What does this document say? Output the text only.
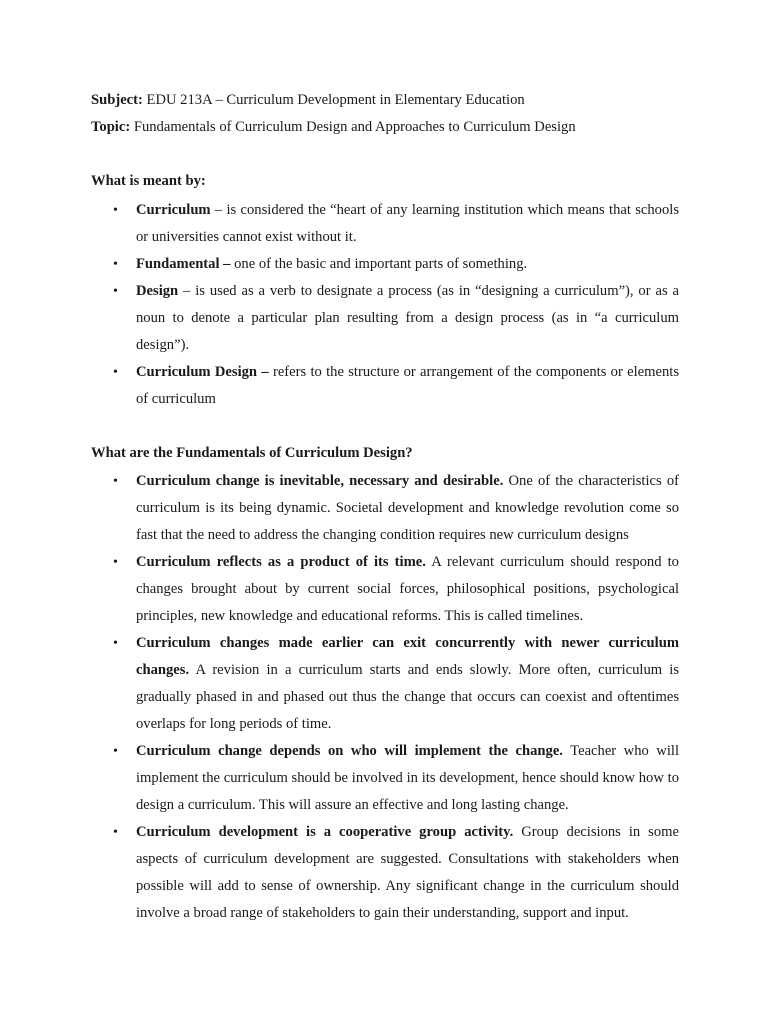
Subject: EDU 213A – Curriculum Development in Elementary Education
Topic: Fundamentals of Curriculum Design and Approaches to Curriculum Design
What is meant by:
• Curriculum – is considered the “heart of any learning institution which means that schools or universities cannot exist without it.
• Fundamental – one of the basic and important parts of something.
• Design – is used as a verb to designate a process (as in “designing a curriculum”), or as a noun to denote a particular plan resulting from a design process (as in “a curriculum design”).
• Curriculum Design – refers to the structure or arrangement of the components or elements of curriculum
What are the Fundamentals of Curriculum Design?
• Curriculum change is inevitable, necessary and desirable. One of the characteristics of curriculum is its being dynamic. Societal development and knowledge revolution come so fast that the need to address the changing condition requires new curriculum designs
• Curriculum reflects as a product of its time. A relevant curriculum should respond to changes brought about by current social forces, philosophical positions, psychological principles, new knowledge and educational reforms. This is called timelines.
• Curriculum changes made earlier can exit concurrently with newer curriculum changes. A revision in a curriculum starts and ends slowly. More often, curriculum is gradually phased in and phased out thus the change that occurs can coexist and oftentimes overlaps for long periods of time.
• Curriculum change depends on who will implement the change. Teacher who will implement the curriculum should be involved in its development, hence should know how to design a curriculum. This will assure an effective and long lasting change.
• Curriculum development is a cooperative group activity. Group decisions in some aspects of curriculum development are suggested. Consultations with stakeholders when possible will add to sense of ownership. Any significant change in the curriculum should involve a broad range of stakeholders to gain their understanding, support and input.
